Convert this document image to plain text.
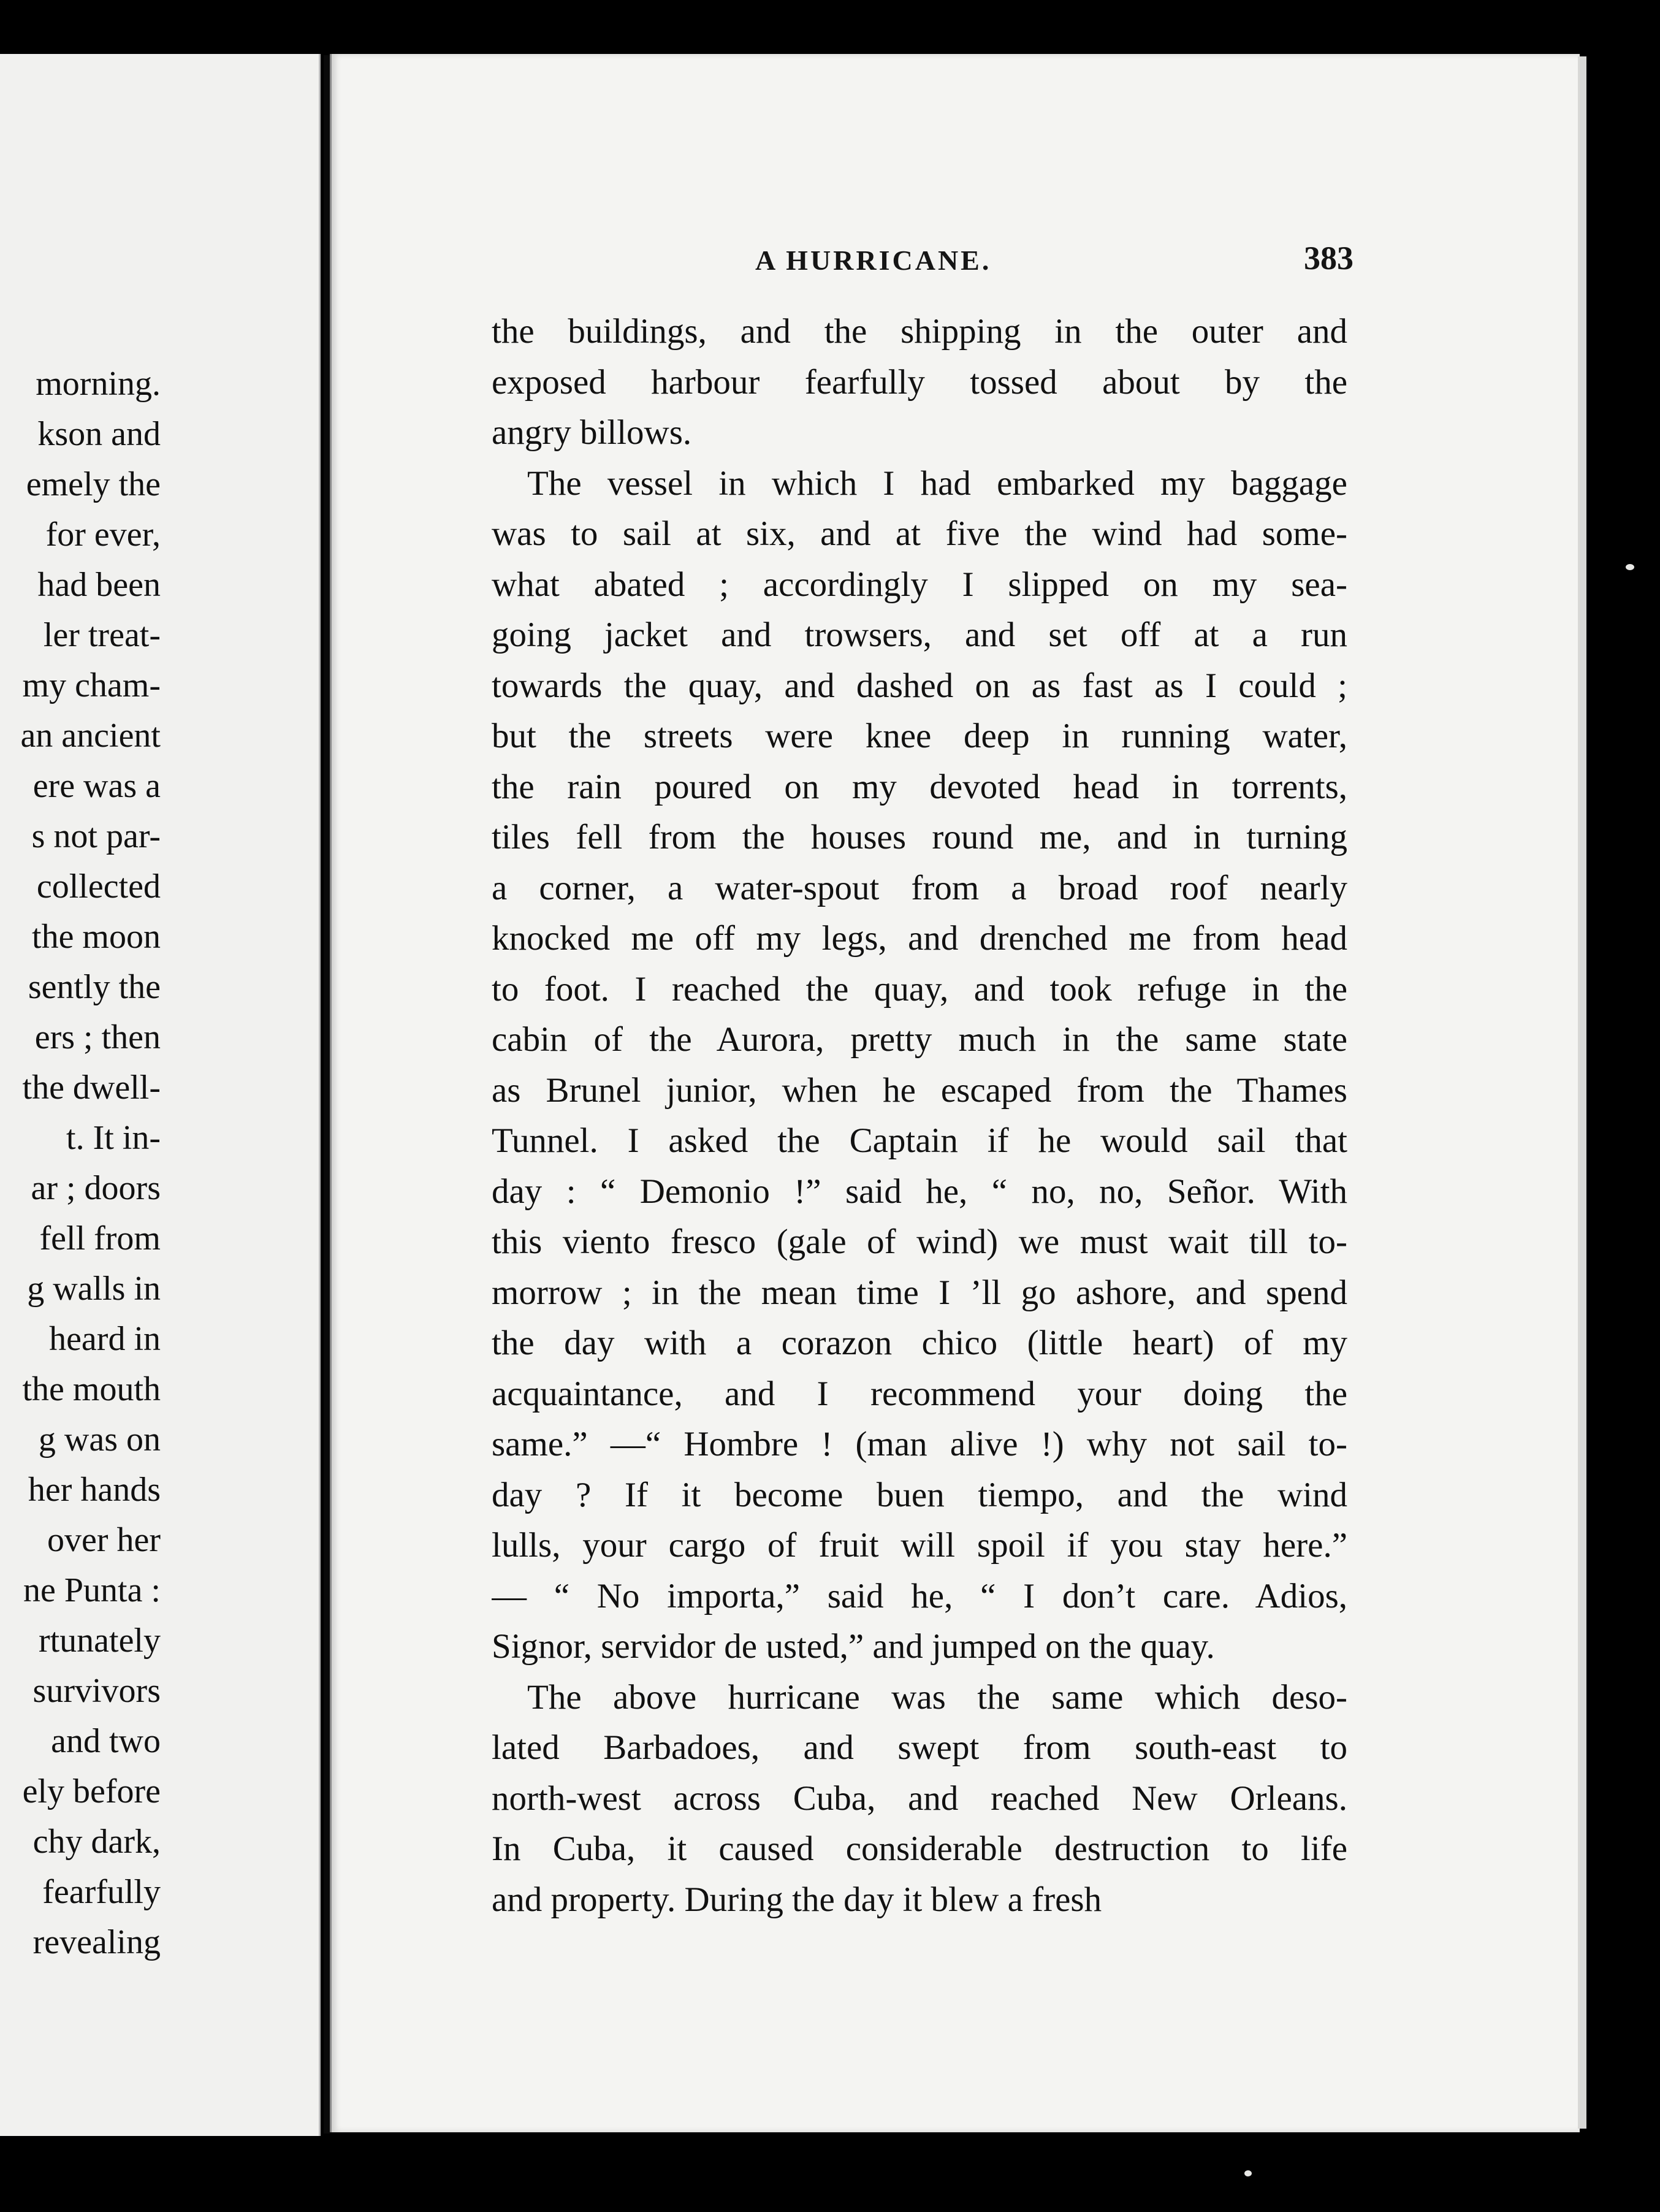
morning.
kson and
emely the
for ever,
had been
ler treat-
my cham-
an ancient
ere was a
s not par-
collected
the moon
sently the
ers ; then
the dwell-
t. It in-
ar ; doors
fell from
g walls in
heard in
the mouth
g was on
her hands
over her
ne Punta :
rtunately
survivors
and two
ely before
chy dark,
fearfully
revealing
A HURRICANE.	383
the buildings, and the shipping in the outer and
exposed harbour fearfully tossed about by the
angry billows.
The vessel in which I had embarked my baggage
was to sail at six, and at five the wind had some-
what abated ; accordingly I slipped on my sea-
going jacket and trowsers, and set off at a run
towards the quay, and dashed on as fast as I could ;
but the streets were knee deep in running water,
the rain poured on my devoted head in torrents,
tiles fell from the houses round me, and in turning
a corner, a water-spout from a broad roof nearly
knocked me off my legs, and drenched me from head
to foot. I reached the quay, and took refuge in the
cabin of the Aurora, pretty much in the same state
as Brunel junior, when he escaped from the Thames
Tunnel. I asked the Captain if he would sail that
day : “ Demonio !” said he, “ no, no, Señor. With
this viento fresco (gale of wind) we must wait till to-
morrow ; in the mean time I ’ll go ashore, and spend
the day with a corazon chico (little heart) of my
acquaintance, and I recommend your doing the
same.” —“ Hombre ! (man alive !) why not sail to-
day ? If it become buen tiempo, and the wind
lulls, your cargo of fruit will spoil if you stay here.”
— “ No importa,” said he, “ I don’t care. Adios,
Signor, servidor de usted,” and jumped on the quay.
The above hurricane was the same which deso-
lated Barbadoes, and swept from south-east to
north-west across Cuba, and reached New Orleans.
In Cuba, it caused considerable destruction to life
and property. During the day it blew a fresh
